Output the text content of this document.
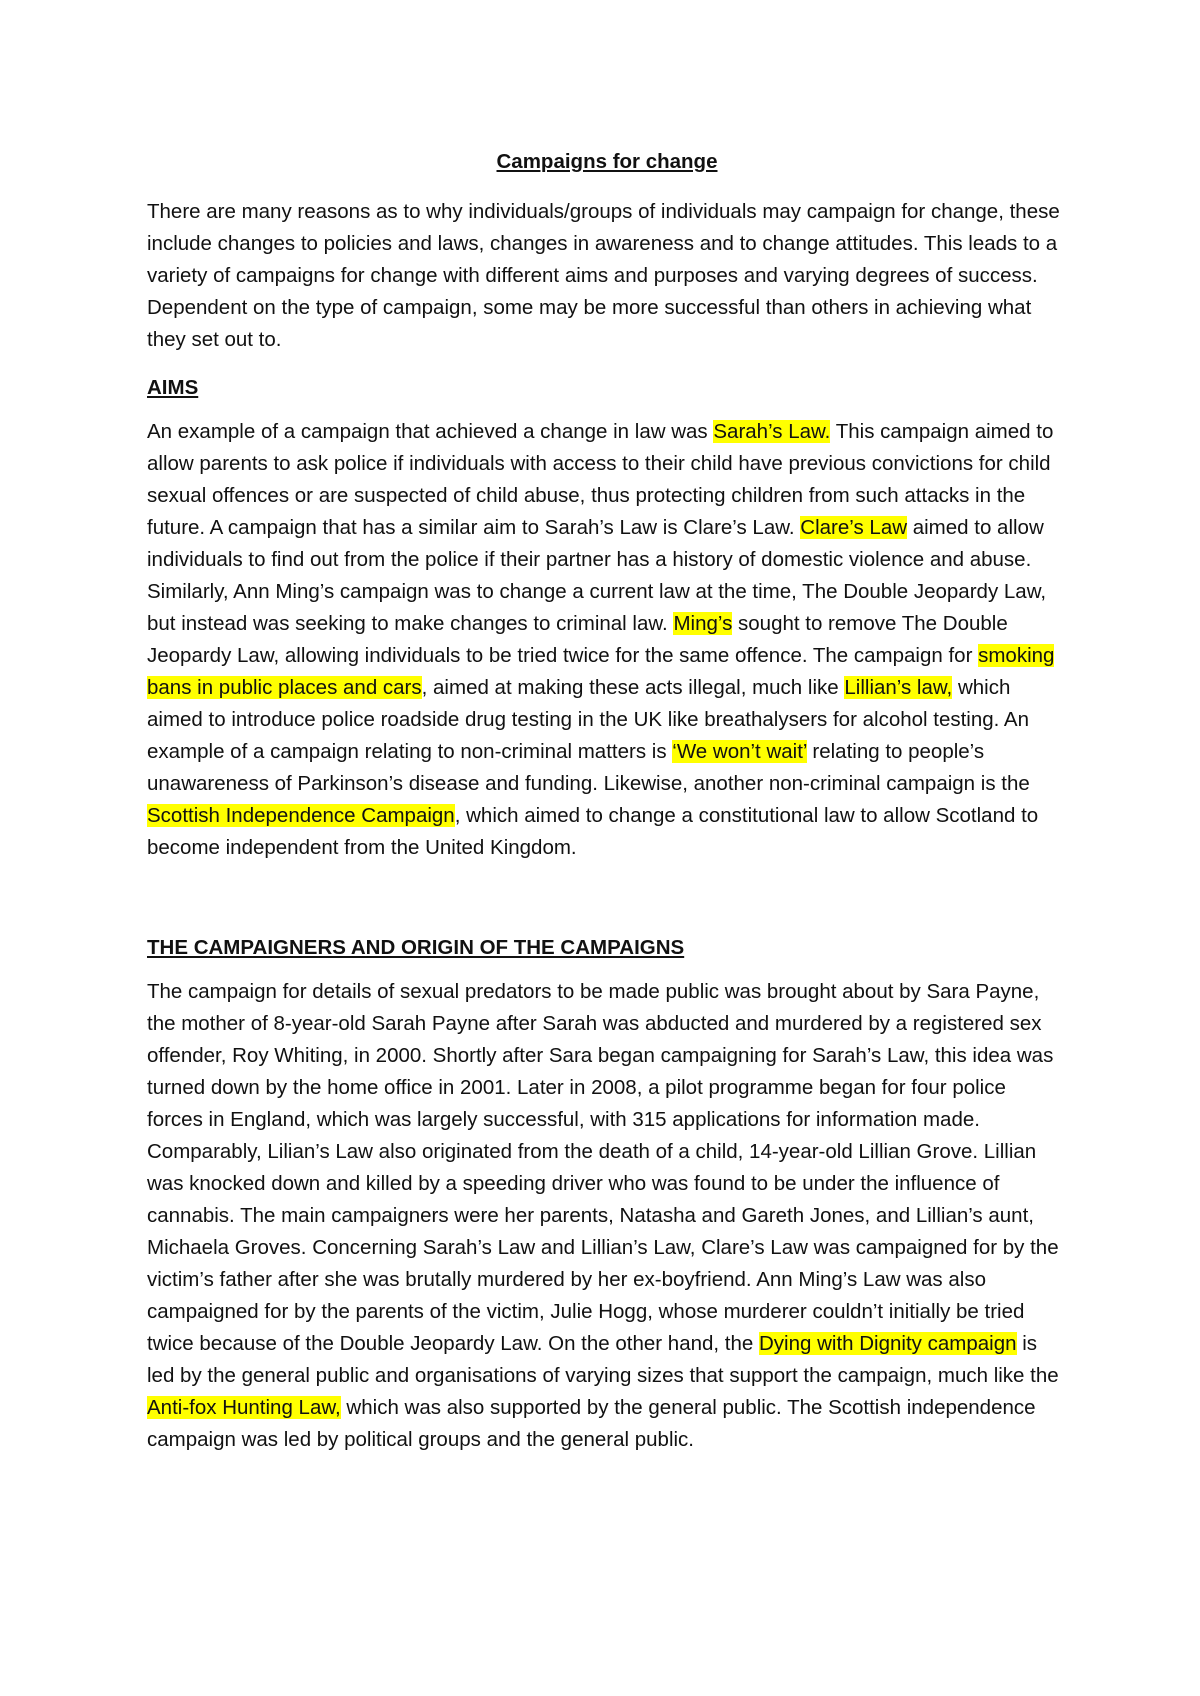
Campaigns for change

There are many reasons as to why individuals/groups of individuals may campaign for change, these include changes to policies and laws, changes in awareness and to change attitudes. This leads to a variety of campaigns for change with different aims and purposes and varying degrees of success. Dependent on the type of campaign, some may be more successful than others in achieving what they set out to.

AIMS

An example of a campaign that achieved a change in law was Sarah’s Law. This campaign aimed to allow parents to ask police if individuals with access to their child have previous convictions for child sexual offences or are suspected of child abuse, thus protecting children from such attacks in the future. A campaign that has a similar aim to Sarah’s Law is Clare’s Law. Clare’s Law aimed to allow individuals to find out from the police if their partner has a history of domestic violence and abuse. Similarly, Ann Ming’s campaign was to change a current law at the time, The Double Jeopardy Law, but instead was seeking to make changes to criminal law. Ming’s sought to remove The Double Jeopardy Law, allowing individuals to be tried twice for the same offence. The campaign for smoking bans in public places and cars, aimed at making these acts illegal, much like Lillian’s law, which aimed to introduce police roadside drug testing in the UK like breathalysers for alcohol testing. An example of a campaign relating to non-criminal matters is ‘We won’t wait’ relating to people’s unawareness of Parkinson’s disease and funding. Likewise, another non-criminal campaign is the Scottish Independence Campaign, which aimed to change a constitutional law to allow Scotland to become independent from the United Kingdom.

THE CAMPAIGNERS AND ORIGIN OF THE CAMPAIGNS

The campaign for details of sexual predators to be made public was brought about by Sara Payne, the mother of 8-year-old Sarah Payne after Sarah was abducted and murdered by a registered sex offender, Roy Whiting, in 2000. Shortly after Sara began campaigning for Sarah’s Law, this idea was turned down by the home office in 2001. Later in 2008, a pilot programme began for four police forces in England, which was largely successful, with 315 applications for information made. Comparably, Lilian’s Law also originated from the death of a child, 14-year-old Lillian Grove. Lillian was knocked down and killed by a speeding driver who was found to be under the influence of cannabis. The main campaigners were her parents, Natasha and Gareth Jones, and Lillian’s aunt, Michaela Groves. Concerning Sarah’s Law and Lillian’s Law, Clare’s Law was campaigned for by the victim’s father after she was brutally murdered by her ex-boyfriend. Ann Ming’s Law was also campaigned for by the parents of the victim, Julie Hogg, whose murderer couldn’t initially be tried twice because of the Double Jeopardy Law. On the other hand, the Dying with Dignity campaign is led by the general public and organisations of varying sizes that support the campaign, much like the Anti-fox Hunting Law, which was also supported by the general public. The Scottish independence campaign was led by political groups and the general public.
